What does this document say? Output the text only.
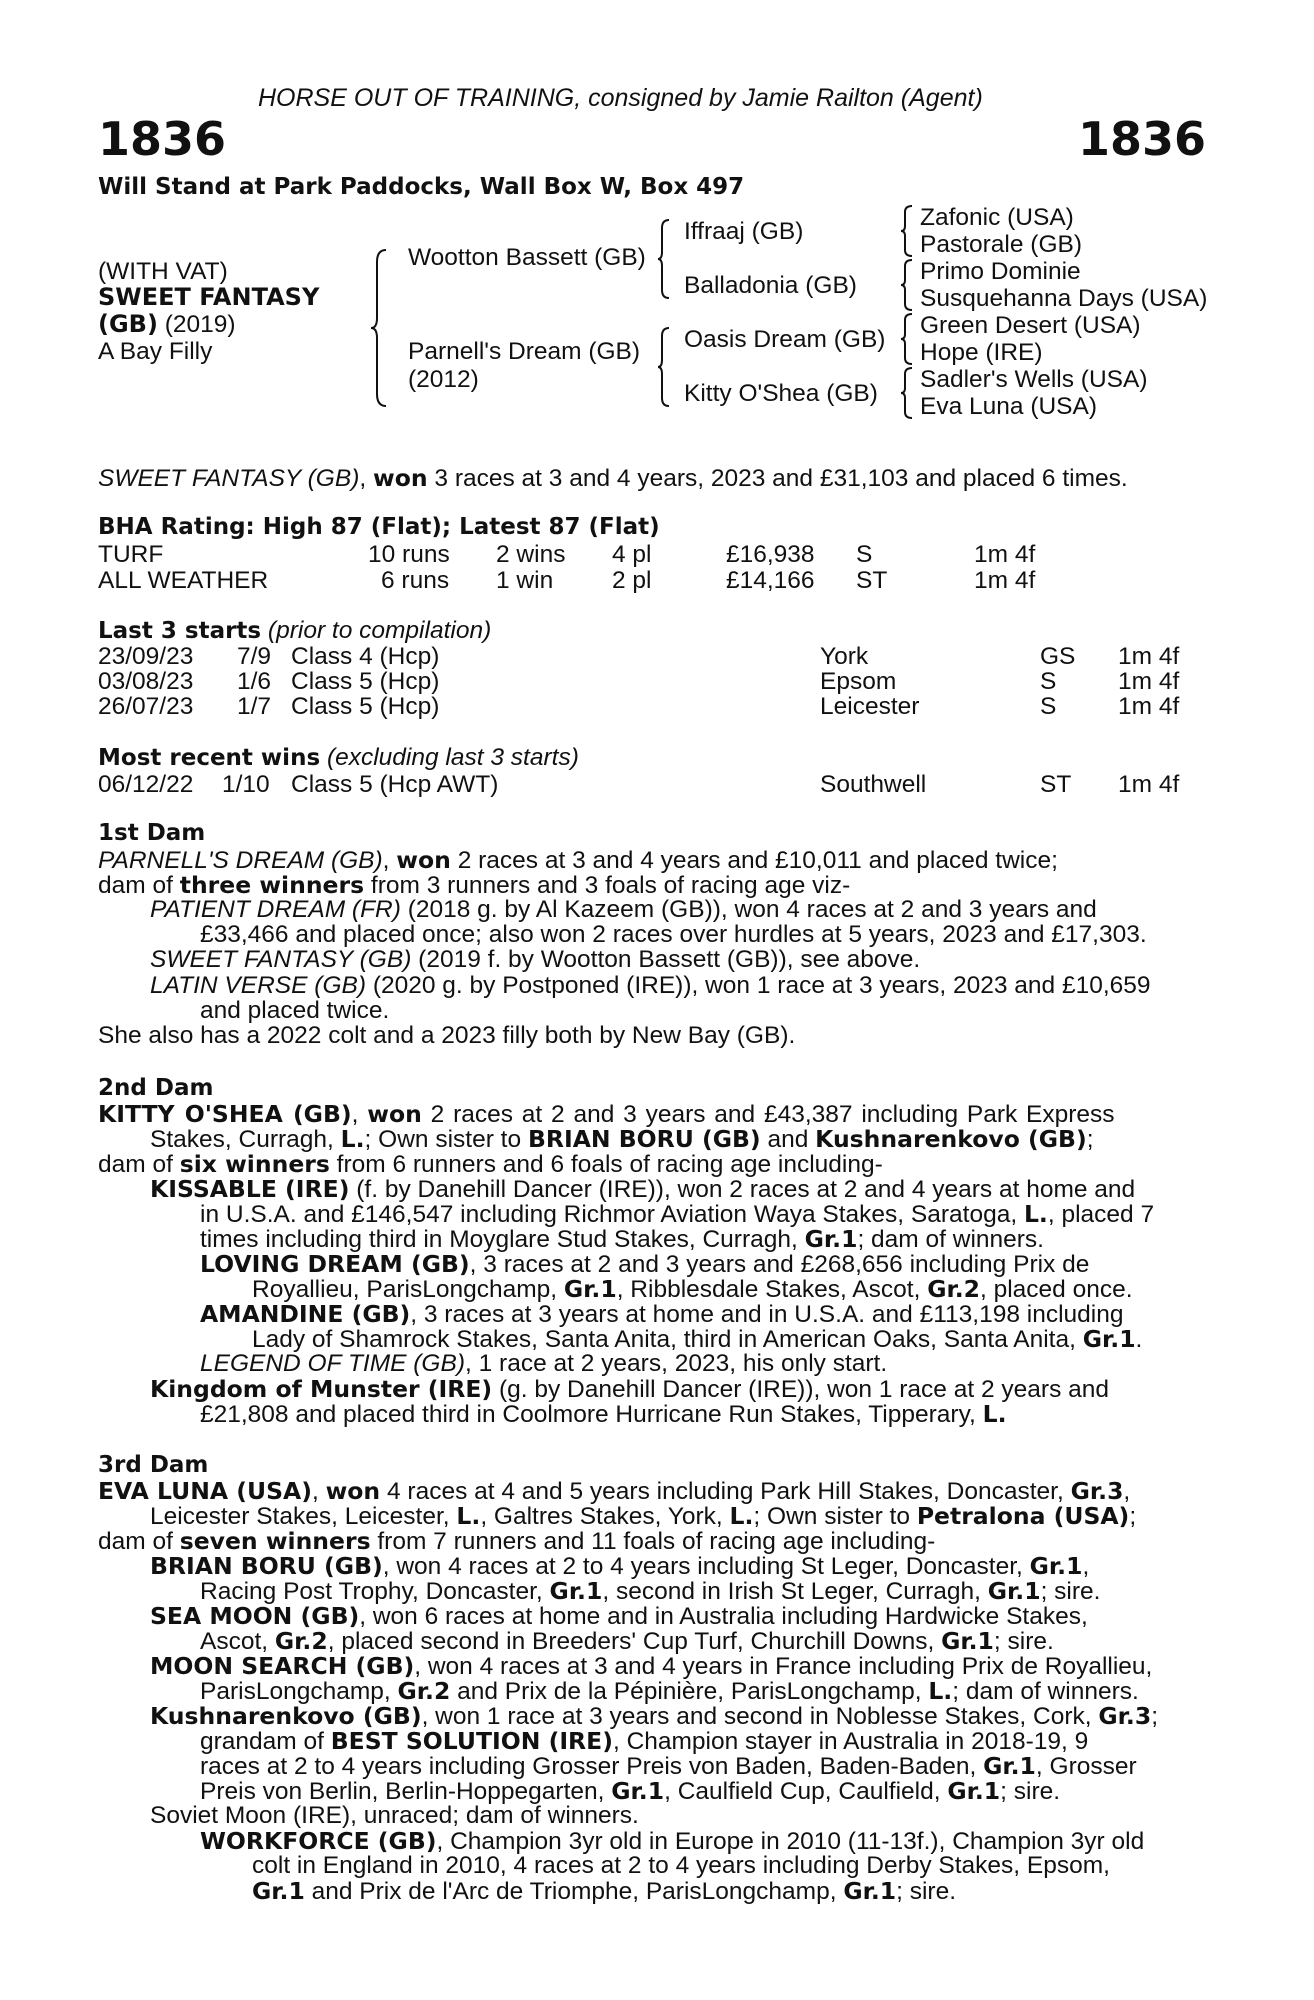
HORSE OUT OF TRAINING, consigned by Jamie Railton (Agent)
1836	1836
Will Stand at Park Paddocks, Wall Box W, Box 497
(WITH VAT)
SWEET FANTASY
(GB) (2019)
A Bay Filly
Wootton Bassett (GB)
Parnell's Dream (GB)
(2012)
Iffraaj (GB)
Balladonia (GB)
Oasis Dream (GB)
Kitty O'Shea (GB)
Zafonic (USA)
Pastorale (GB)
Primo Dominie
Susquehanna Days (USA)
Green Desert (USA)
Hope (IRE)
Sadler's Wells (USA)
Eva Luna (USA)
SWEET FANTASY (GB), won 3 races at 3 and 4 years, 2023 and £31,103 and placed 6 times.
BHA Rating: High 87 (Flat); Latest 87 (Flat)
TURF	10 runs 2 wins 4 pl	£16,938 S	1m 4f
ALL WEATHER	6 runs 1 win 2 pl	£14,166 ST	1m 4f
Last 3 starts (prior to compilation)
23/09/23 7/9 Class 4 (Hcp)	York	GS 1m 4f
03/08/23 1/6 Class 5 (Hcp)	Epsom	S	1m 4f
26/07/23 1/7 Class 5 (Hcp)	Leicester	S	1m 4f
Most recent wins (excluding last 3 starts)
06/12/22 1/10 Class 5 (Hcp AWT)	Southwell	ST 1m 4f
1st Dam
PARNELL'S DREAM (GB), won 2 races at 3 and 4 years and £10,011 and placed twice;
dam of three winners from 3 runners and 3 foals of racing age viz-
PATIENT DREAM (FR) (2018 g. by Al Kazeem (GB)), won 4 races at 2 and 3 years and
£33,466 and placed once; also won 2 races over hurdles at 5 years, 2023 and £17,303.
SWEET FANTASY (GB) (2019 f. by Wootton Bassett (GB)), see above.
LATIN VERSE (GB) (2020 g. by Postponed (IRE)), won 1 race at 3 years, 2023 and £10,659
and placed twice.
She also has a 2022 colt and a 2023 filly both by New Bay (GB).
2nd Dam
KITTY O'SHEA (GB), won 2 races at 2 and 3 years and £43,387 including Park Express
Stakes, Curragh, L.; Own sister to BRIAN BORU (GB) and Kushnarenkovo (GB);
dam of six winners from 6 runners and 6 foals of racing age including-
KISSABLE (IRE) (f. by Danehill Dancer (IRE)), won 2 races at 2 and 4 years at home and
in U.S.A. and £146,547 including Richmor Aviation Waya Stakes, Saratoga, L., placed 7
times including third in Moyglare Stud Stakes, Curragh, Gr.1; dam of winners.
LOVING DREAM (GB), 3 races at 2 and 3 years and £268,656 including Prix de
Royallieu, ParisLongchamp, Gr.1, Ribblesdale Stakes, Ascot, Gr.2, placed once.
AMANDINE (GB), 3 races at 3 years at home and in U.S.A. and £113,198 including
Lady of Shamrock Stakes, Santa Anita, third in American Oaks, Santa Anita, Gr.1.
LEGEND OF TIME (GB), 1 race at 2 years, 2023, his only start.
Kingdom of Munster (IRE) (g. by Danehill Dancer (IRE)), won 1 race at 2 years and
£21,808 and placed third in Coolmore Hurricane Run Stakes, Tipperary, L.
3rd Dam
EVA LUNA (USA), won 4 races at 4 and 5 years including Park Hill Stakes, Doncaster, Gr.3,
Leicester Stakes, Leicester, L., Galtres Stakes, York, L.; Own sister to Petralona (USA);
dam of seven winners from 7 runners and 11 foals of racing age including-
BRIAN BORU (GB), won 4 races at 2 to 4 years including St Leger, Doncaster, Gr.1,
Racing Post Trophy, Doncaster, Gr.1, second in Irish St Leger, Curragh, Gr.1; sire.
SEA MOON (GB), won 6 races at home and in Australia including Hardwicke Stakes,
Ascot, Gr.2, placed second in Breeders' Cup Turf, Churchill Downs, Gr.1; sire.
MOON SEARCH (GB), won 4 races at 3 and 4 years in France including Prix de Royallieu,
ParisLongchamp, Gr.2 and Prix de la Pépinière, ParisLongchamp, L.; dam of winners.
Kushnarenkovo (GB), won 1 race at 3 years and second in Noblesse Stakes, Cork, Gr.3;
grandam of BEST SOLUTION (IRE), Champion stayer in Australia in 2018-19, 9
races at 2 to 4 years including Grosser Preis von Baden, Baden-Baden, Gr.1, Grosser
Preis von Berlin, Berlin-Hoppegarten, Gr.1, Caulfield Cup, Caulfield, Gr.1; sire.
Soviet Moon (IRE), unraced; dam of winners.
WORKFORCE (GB), Champion 3yr old in Europe in 2010 (11-13f.), Champion 3yr old
colt in England in 2010, 4 races at 2 to 4 years including Derby Stakes, Epsom,
Gr.1 and Prix de l'Arc de Triomphe, ParisLongchamp, Gr.1; sire.
